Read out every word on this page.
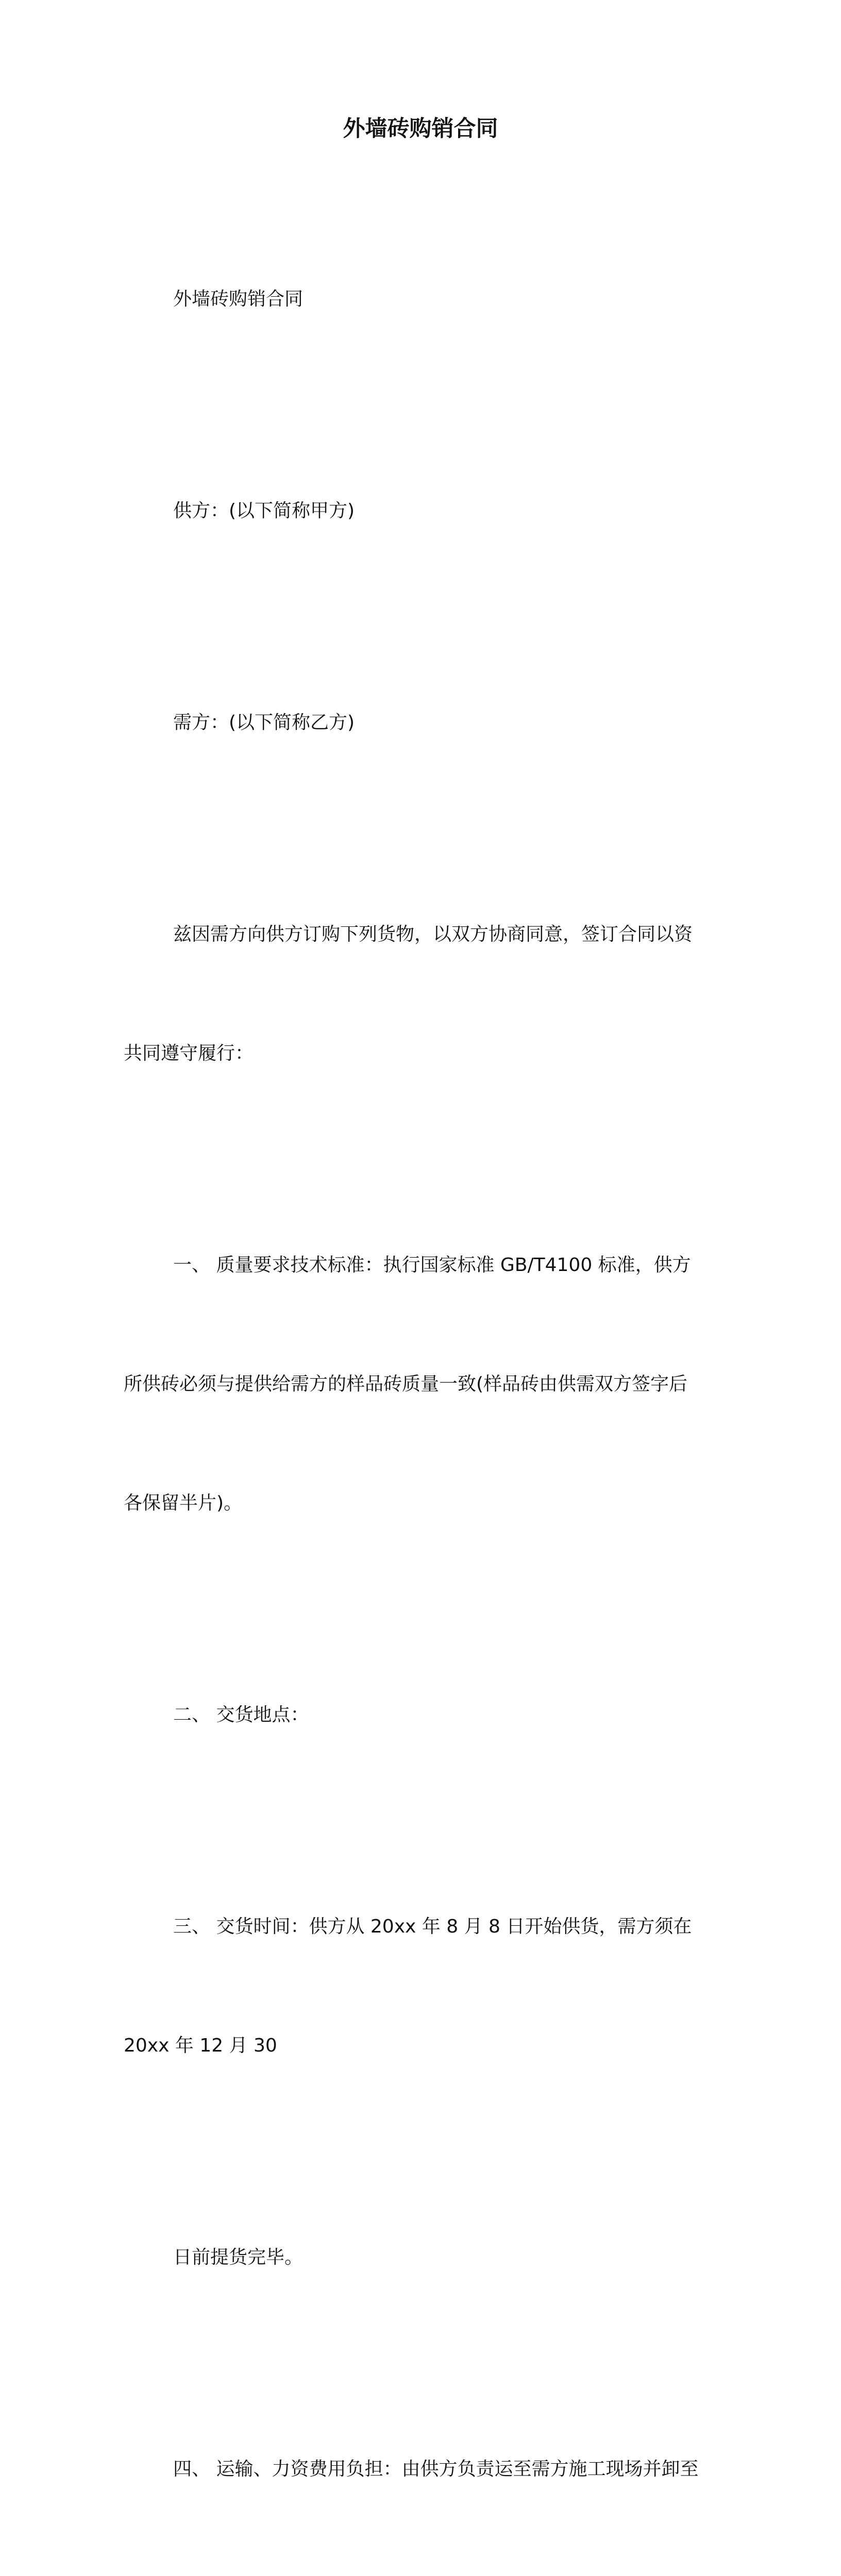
外墙砖购销合同

外墙砖购销合同

供方：(以下简称甲方)

需方：(以下简称乙方)

兹因需方向供方订购下列货物，以双方协商同意，签订合同以资

共同遵守履行：

一、 质量要求技术标准：执行国家标准 GB/T4100 标准，供方

所供砖必须与提供给需方的样品砖质量一致(样品砖由供需双方签字后

各保留半片)。

二、 交货地点：

三、 交货时间：供方从 20xx 年 8 月 8 日开始供货，需方须在

20xx 年 12 月 30

日前提货完毕。

四、 运输、力资费用负担：由供方负责运至需方施工现场并卸至
